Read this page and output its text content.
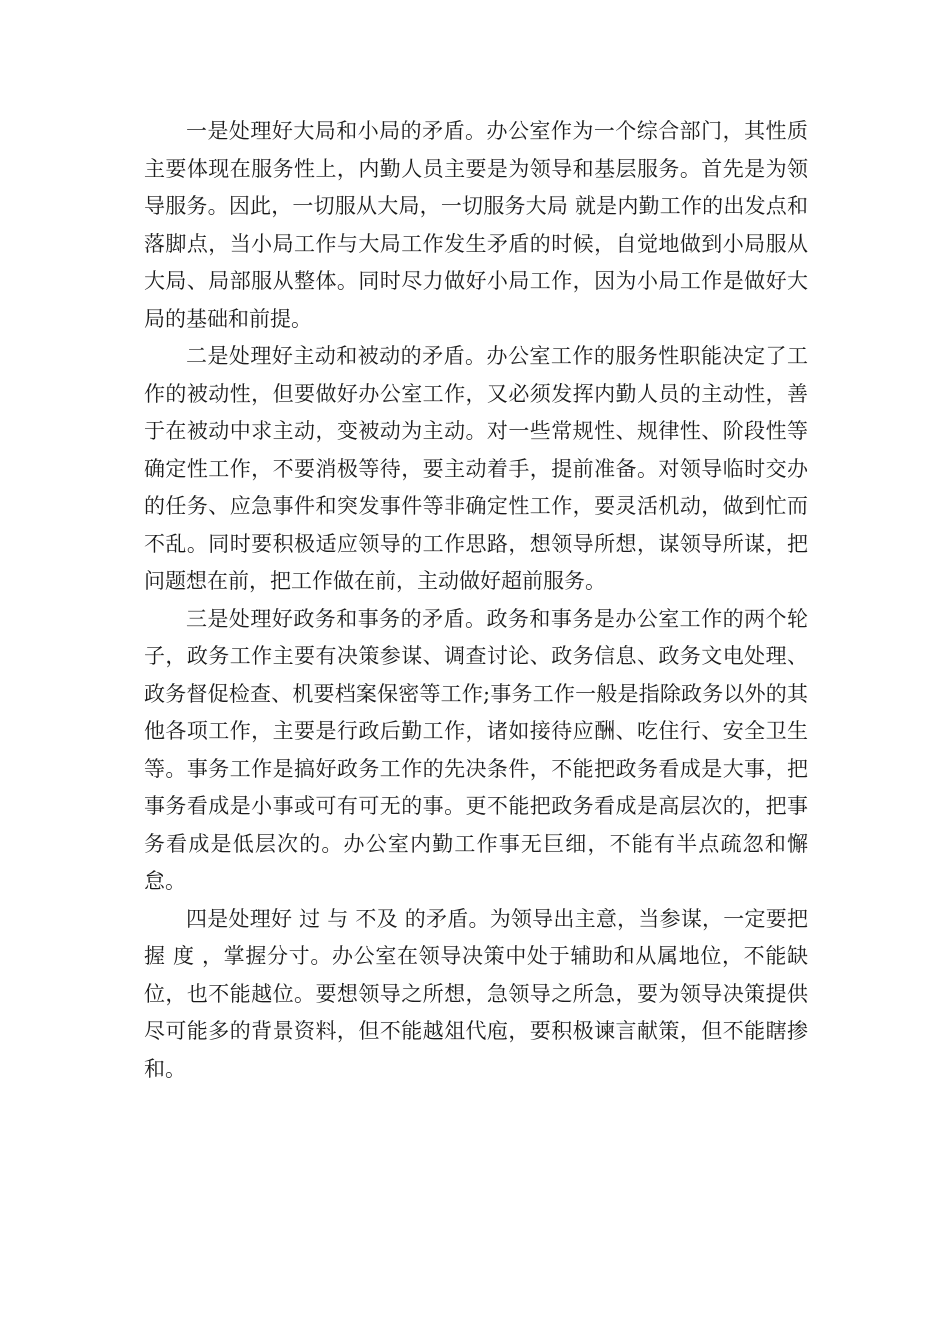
一是处理好大局和小局的矛盾。办公室作为一个综合部门，其性质主要体现在服务性上，内勤人员主要是为领导和基层服务。首先是为领导服务。因此，一切服从大局，一切服务大局 就是内勤工作的出发点和落脚点，当小局工作与大局工作发生矛盾的时候，自觉地做到小局服从大局、局部服从整体。同时尽力做好小局工作，因为小局工作是做好大局的基础和前提。

二是处理好主动和被动的矛盾。办公室工作的服务性职能决定了工作的被动性，但要做好办公室工作，又必须发挥内勤人员的主动性，善于在被动中求主动，变被动为主动。对一些常规性、规律性、阶段性等确定性工作，不要消极等待，要主动着手，提前准备。对领导临时交办的任务、应急事件和突发事件等非确定性工作，要灵活机动，做到忙而不乱。同时要积极适应领导的工作思路，想领导所想，谋领导所谋，把问题想在前，把工作做在前，主动做好超前服务。

三是处理好政务和事务的矛盾。政务和事务是办公室工作的两个轮子，政务工作主要有决策参谋、调查讨论、政务信息、政务文电处理、政务督促检查、机要档案保密等工作;事务工作一般是指除政务以外的其他各项工作，主要是行政后勤工作，诸如接待应酬、吃住行、安全卫生等。事务工作是搞好政务工作的先决条件，不能把政务看成是大事，把事务看成是小事或可有可无的事。更不能把政务看成是高层次的，把事务看成是低层次的。办公室内勤工作事无巨细，不能有半点疏忽和懈怠。

四是处理好 过 与 不及 的矛盾。为领导出主意，当参谋，一定要把握 度 ，掌握分寸。办公室在领导决策中处于辅助和从属地位，不能缺位，也不能越位。要想领导之所想，急领导之所急，要为领导决策提供尽可能多的背景资料，但不能越俎代庖，要积极谏言献策，但不能瞎掺和。
